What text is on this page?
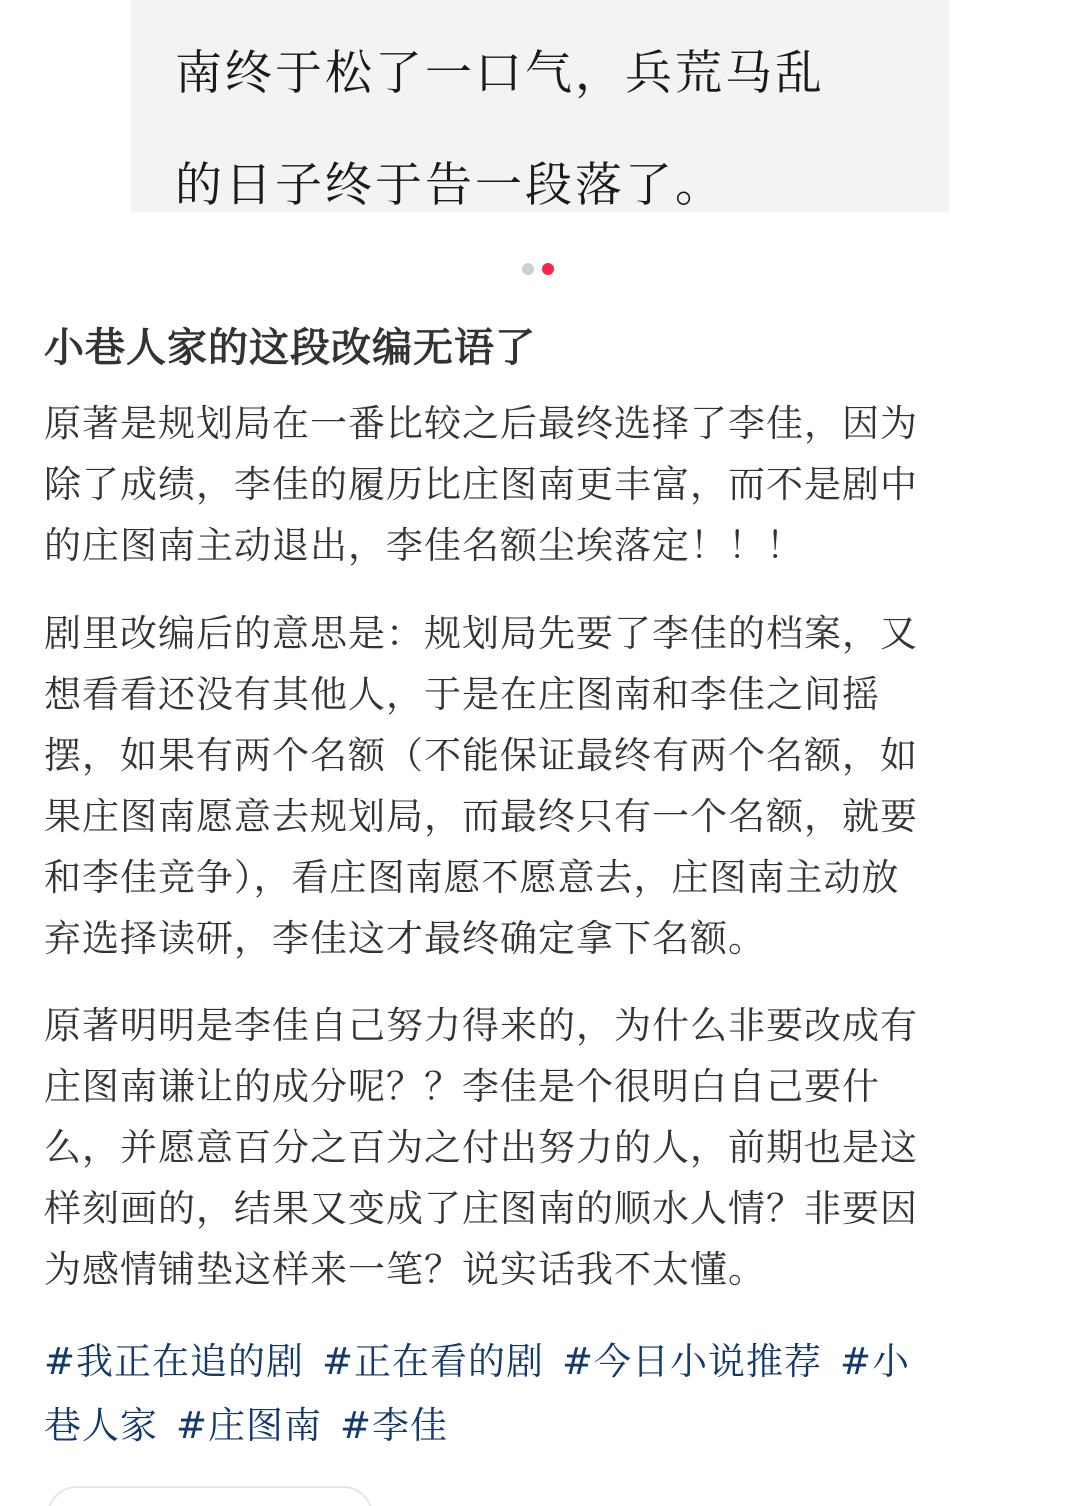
南终于松了一口气，兵荒马乱
的日子终于告一段落了。
小巷人家的这段改编无语了
原著是规划局在一番比较之后最终选择了李佳，因为
除了成绩，李佳的履历比庄图南更丰富，而不是剧中
的庄图南主动退出，李佳名额尘埃落定！！！
剧里改编后的意思是：规划局先要了李佳的档案，又
想看看还没有其他人，于是在庄图南和李佳之间摇
摆，如果有两个名额（不能保证最终有两个名额，如
果庄图南愿意去规划局，而最终只有一个名额，就要
和李佳竞争），看庄图南愿不愿意去，庄图南主动放
弃选择读研，李佳这才最终确定拿下名额。
原著明明是李佳自己努力得来的，为什么非要改成有
庄图南谦让的成分呢？？李佳是个很明白自己要什
么，并愿意百分之百为之付出努力的人，前期也是这
样刻画的，结果又变成了庄图南的顺水人情？非要因
为感情铺垫这样来一笔？说实话我不太懂。
#我正在追的剧 #正在看的剧 #今日小说推荐 #小
巷人家 #庄图南 #李佳
